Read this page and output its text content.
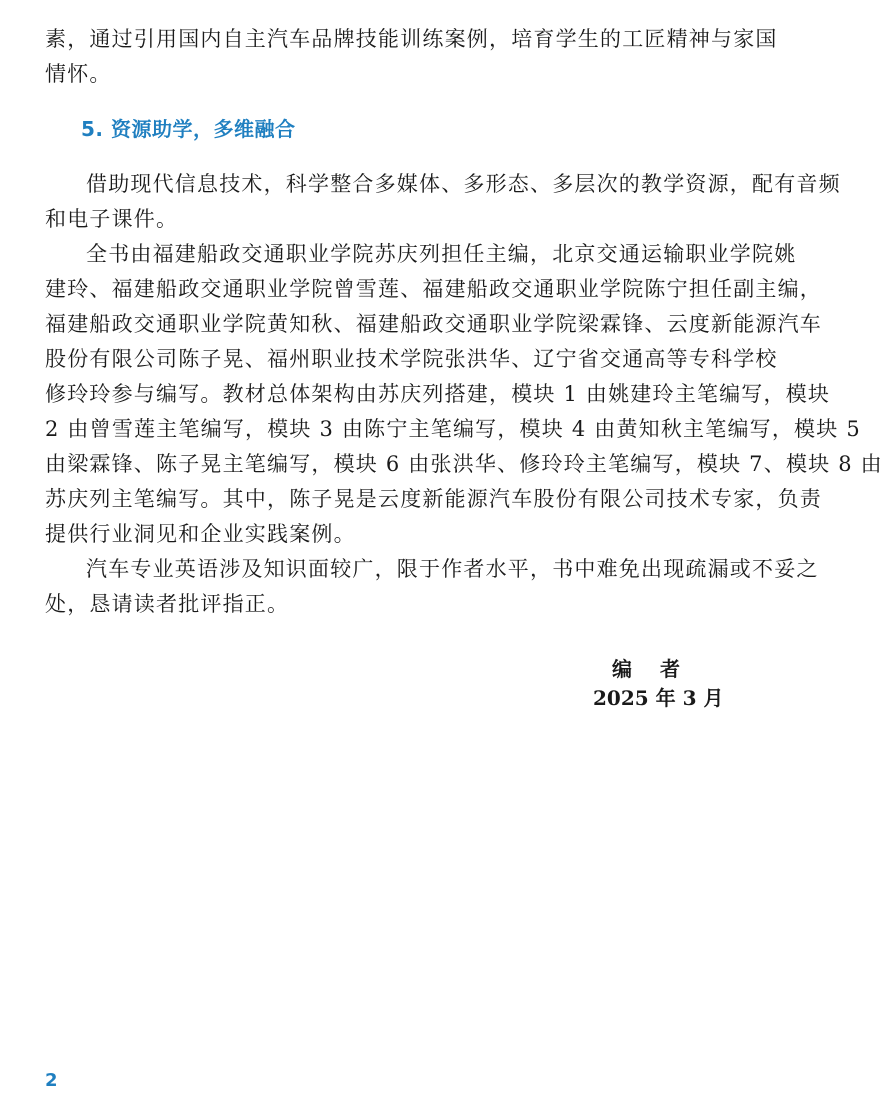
素，通过引用国内自主汽车品牌技能训练案例，培育学生的工匠精神与家国

情怀。

5. 资源助学，多维融合

借助现代信息技术，科学整合多媒体、多形态、多层次的教学资源，配有音频

和电子课件。

全书由福建船政交通职业学院苏庆列担任主编，北京交通运输职业学院姚

建玲、福建船政交通职业学院曾雪莲、福建船政交通职业学院陈宁担任副主编，

福建船政交通职业学院黄知秋、福建船政交通职业学院梁霖锋、云度新能源汽车

股份有限公司陈子晃、福州职业技术学院张洪华、辽宁省交通高等专科学校

修玲玲参与编写。教材总体架构由苏庆列搭建，模块 1 由姚建玲主笔编写，模块

2 由曾雪莲主笔编写，模块 3 由陈宁主笔编写，模块 4 由黄知秋主笔编写，模块 5

由梁霖锋、陈子晃主笔编写，模块 6 由张洪华、修玲玲主笔编写，模块 7、模块 8 由

苏庆列主笔编写。其中，陈子晃是云度新能源汽车股份有限公司技术专家，负责

提供行业洞见和企业实践案例。

汽车专业英语涉及知识面较广，限于作者水平，书中难免出现疏漏或不妥之

处，恳请读者批评指正。

编者
2025 年 3 月
2
